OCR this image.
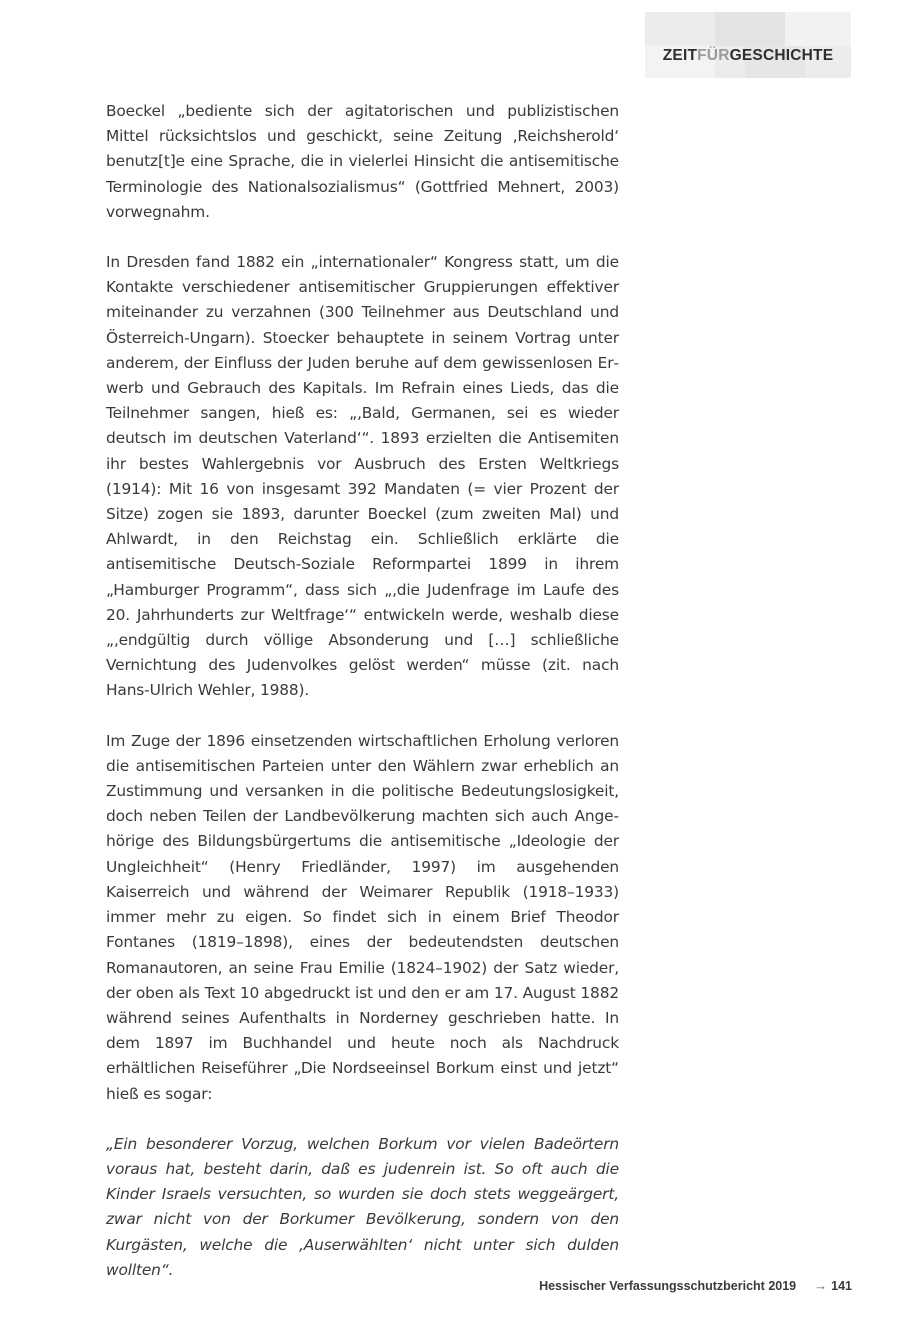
ZEITFÜRGESCHICHTE

Boeckel „bediente sich der agitatorischen und publizistischen Mittel rücksichtslos und geschickt, seine Zeitung ‚Reichsherold‘ benutz[t]e eine Sprache, die in vielerlei Hinsicht die antisemitische Terminologie des Nationalsozialismus“ (Gottfried Mehnert, 2003) vorwegnahm.

In Dresden fand 1882 ein „internationaler“ Kongress statt, um die Kontakte verschiedener antisemitischer Gruppierungen effektiver miteinander zu verzahnen (300 Teilnehmer aus Deutschland und Österreich-Ungarn). Stoecker behauptete in seinem Vortrag unter anderem, der Einfluss der Juden beruhe auf dem gewissenlosen Erwerb und Gebrauch des Kapitals. Im Refrain eines Lieds, das die Teilnehmer sangen, hieß es: „‚Bald, Germanen, sei es wieder deutsch im deutschen Vaterland‘“. 1893 erzielten die Antisemiten ihr bestes Wahlergebnis vor Ausbruch des Ersten Weltkriegs (1914): Mit 16 von insgesamt 392 Mandaten (= vier Prozent der Sitze) zogen sie 1893, darunter Boeckel (zum zweiten Mal) und Ahlwardt, in den Reichstag ein. Schließlich erklärte die antisemitische Deutsch-Soziale Reformpartei 1899 in ihrem „Hamburger Programm“, dass sich „‚die Judenfrage im Laufe des 20. Jahrhunderts zur Weltfrage‘“ entwickeln werde, weshalb diese „‚endgültig durch völlige Absonderung und […] schließliche Vernichtung des Judenvolkes gelöst werden“ müsse (zit. nach Hans-Ulrich Wehler, 1988).

Im Zuge der 1896 einsetzenden wirtschaftlichen Erholung verloren die antisemitischen Parteien unter den Wählern zwar erheblich an Zustimmung und versanken in die politische Bedeutungslosigkeit, doch neben Teilen der Landbevölkerung machten sich auch Angehörige des Bildungsbürgertums die antisemitische „Ideologie der Ungleichheit“ (Henry Friedländer, 1997) im ausgehenden Kaiserreich und während der Weimarer Republik (1918–1933) immer mehr zu eigen. So findet sich in einem Brief Theodor Fontanes (1819–1898), eines der bedeutendsten deutschen Romanautoren, an seine Frau Emilie (1824–1902) der Satz wieder, der oben als Text 10 abgedruckt ist und den er am 17. August 1882 während seines Aufenthalts in Norderney geschrieben hatte. In dem 1897 im Buchhandel und heute noch als Nachdruck erhältlichen Reiseführer „Die Nordseeinsel Borkum einst und jetzt“ hieß es sogar:

„Ein besonderer Vorzug, welchen Borkum vor vielen Badeörtern voraus hat, besteht darin, daß es judenrein ist. So oft auch die Kinder Israels versuchten, so wurden sie doch stets weggeärgert, zwar nicht von der Borkumer Bevölkerung, sondern von den Kurgästen, welche die ‚Auserwählten‘ nicht unter sich dulden wollten“.

Hessischer Verfassungsschutzbericht 2019 → 141
